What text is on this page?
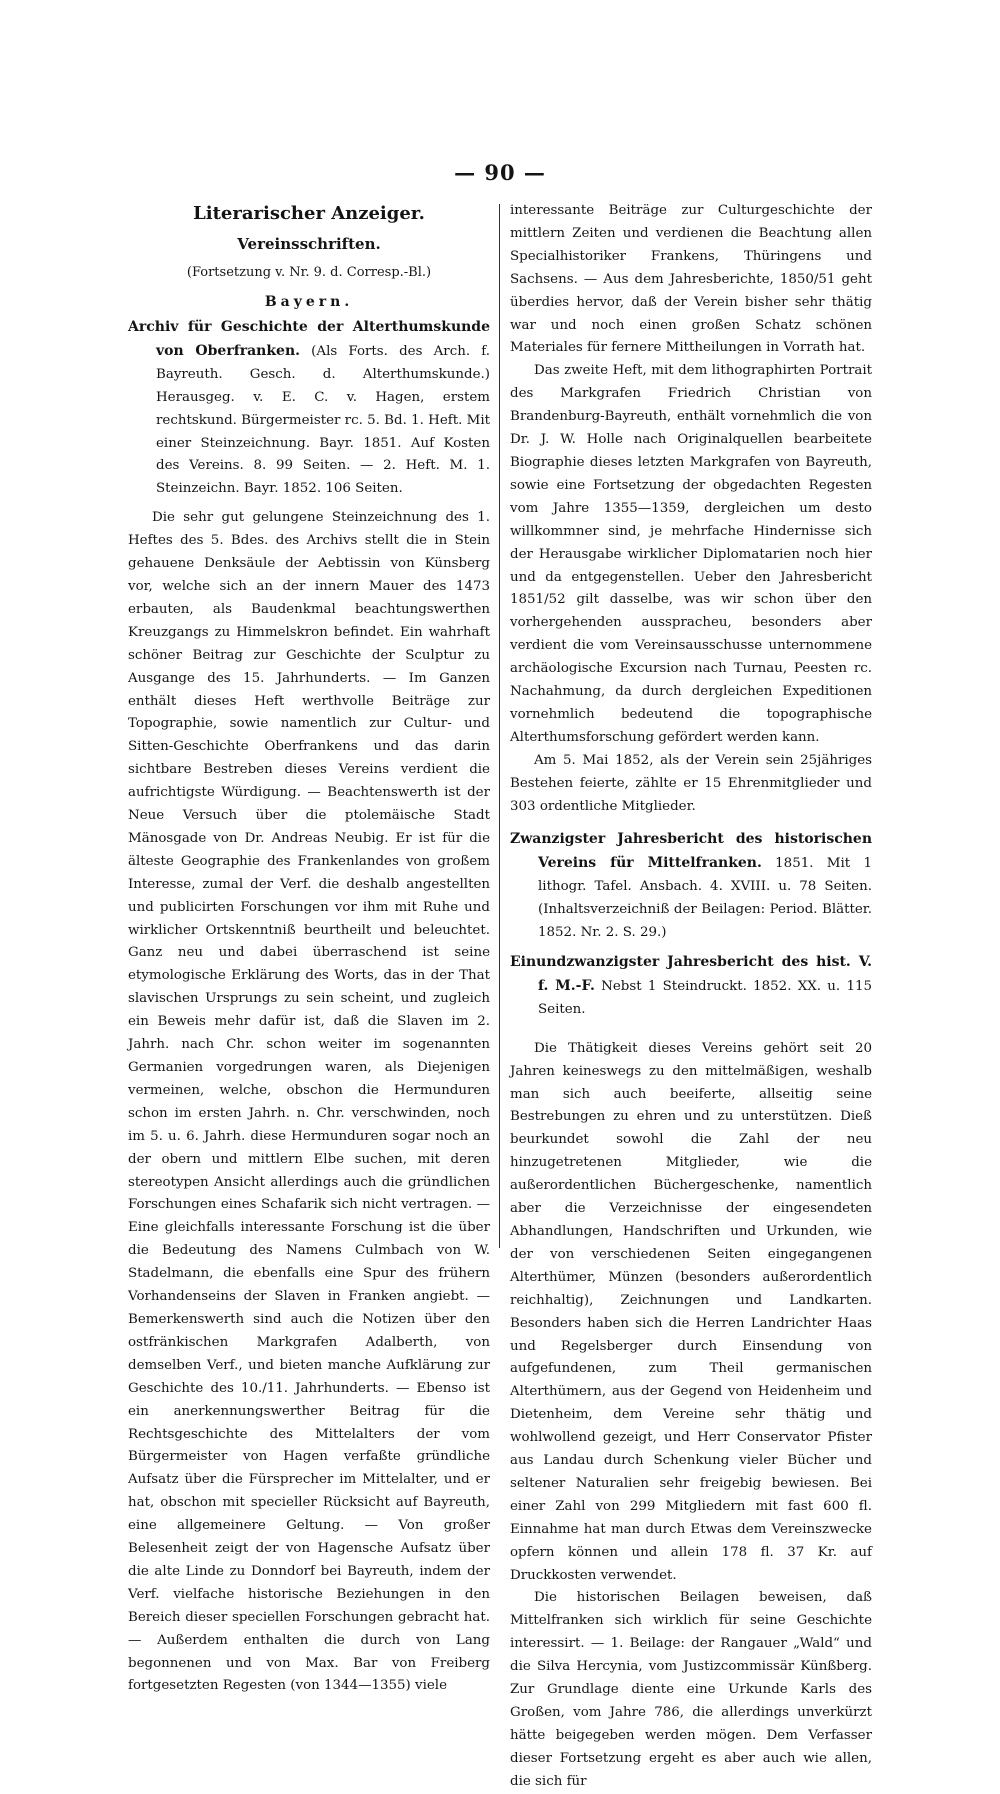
— 90 —
Literarischer Anzeiger.
Vereinsschriften.
(Fortsetzung v. Nr. 9. d. Corresp.-Bl.)
Bayern.

Archiv für Geschichte der Alterthumskunde von Oberfranken. (Als Forts. des Arch. f. Bayreuth. Gesch. d. Alterthumskunde.) Herausgeg. v. E. C. v. Hagen, erstem rechtskund. Bürgermeister rc. 5. Bd. 1. Heft. Mit einer Steinzeichnung. Bayr. 1851. Auf Kosten des Vereins. 8. 99 Seiten. — 2. Heft. M. 1. Steinzeichn. Bayr. 1852. 106 Seiten.

Die sehr gut gelungene Steinzeichnung des 1. Heftes des 5. Bdes. des Archivs stellt die in Stein gehauene Denksäule der Aebtissin von Künsberg vor, welche sich an der innern Mauer des 1473 erbauten, als Baudenkmal beachtungswerthen Kreuzgangs zu Himmelskron befindet. Ein wahrhaft schöner Beitrag zur Geschichte der Sculptur zu Ausgange des 15. Jahrhunderts. — Im Ganzen enthält dieses Heft werthvolle Beiträge zur Topographie, sowie namentlich zur Cultur- und Sitten-Geschichte Oberfrankens und das darin sichtbare Bestreben dieses Vereins verdient die aufrichtigste Würdigung. — Beachtenswerth ist der Neue Versuch über die ptolemäische Stadt Mänosgade von Dr. Andreas Neubig. Er ist für die älteste Geographie des Frankenlandes von großem Interesse, zumal der Verf. die deshalb angestellten und publicirten Forschungen vor ihm mit Ruhe und wirklicher Ortskenntniß beurtheilt und beleuchtet. Ganz neu und dabei überraschend ist seine etymologische Erklärung des Worts, das in der That slavischen Ursprungs zu sein scheint, und zugleich ein Beweis mehr dafür ist, daß die Slaven im 2. Jahrh. nach Chr. schon weiter im sogenannten Germanien vorgedrungen waren, als Diejenigen vermeinen, welche, obschon die Hermunduren schon im ersten Jahrh. n. Chr. verschwinden, noch im 5. u. 6. Jahrh. diese Hermunduren sogar noch an der obern und mittlern Elbe suchen, mit deren stereotypen Ansicht allerdings auch die gründlichen Forschungen eines Schafarik sich nicht vertragen. — Eine gleichfalls interessante Forschung ist die über die Bedeutung des Namens Culmbach von W. Stadelmann, die ebenfalls eine Spur des frühern Vorhandenseins der Slaven in Franken angiebt. — Bemerkenswerth sind auch die Notizen über den ostfränkischen Markgrafen Adalberth, von demselben Verf., und bieten manche Aufklärung zur Geschichte des 10./11. Jahrhunderts. — Ebenso ist ein anerkennungswerther Beitrag für die Rechtsgeschichte des Mittelalters der vom Bürgermeister von Hagen verfaßte gründliche Aufsatz über die Fürsprecher im Mittelalter, und er hat, obschon mit specieller Rücksicht auf Bayreuth, eine allgemeinere Geltung. — Von großer Belesenheit zeigt der von Hagensche Aufsatz über die alte Linde zu Donndorf bei Bayreuth, indem der Verf. vielfache historische Beziehungen in den Bereich dieser speciellen Forschungen gebracht hat. — Außerdem enthalten die durch von Lang begonnenen und von Max. Bar von Freiberg fortgesetzten Regesten (von 1344—1355) viele

interessante Beiträge zur Culturgeschichte der mittlern Zeiten und verdienen die Beachtung allen Specialhistoriker Frankens, Thüringens und Sachsens. — Aus dem Jahresberichte, 1850/51 geht überdies hervor, daß der Verein bisher sehr thätig war und noch einen großen Schatz schönen Materiales für fernere Mittheilungen in Vorrath hat.

Das zweite Heft, mit dem lithographirten Portrait des Markgrafen Friedrich Christian von Brandenburg-Bayreuth, enthält vornehmlich die von Dr. J. W. Holle nach Originalquellen bearbeitete Biographie dieses letzten Markgrafen von Bayreuth, sowie eine Fortsetzung der obgedachten Regesten vom Jahre 1355—1359, dergleichen um desto willkommner sind, je mehrfache Hindernisse sich der Herausgabe wirklicher Diplomatarien noch hier und da entgegenstellen. Ueber den Jahresbericht 1851/52 gilt dasselbe, was wir schon über den vorhergehenden ausspracheu, besonders aber verdient die vom Vereinsausschusse unternommene archäologische Excursion nach Turnau, Peesten rc. Nachahmung, da durch dergleichen Expeditionen vornehmlich bedeutend die topographische Alterthumsforschung gefördert werden kann.

Am 5. Mai 1852, als der Verein sein 25jähriges Bestehen feierte, zählte er 15 Ehrenmitglieder und 303 ordentliche Mitglieder.

Zwanzigster Jahresbericht des historischen Vereins für Mittelfranken. 1851. Mit 1 lithogr. Tafel. Ansbach. 4. XVIII. u. 78 Seiten. (Inhaltsverzeichniß der Beilagen: Period. Blätter. 1852. Nr. 2. S. 29.)

Einundzwanzigster Jahresbericht des hist. V. f. M.-F. Nebst 1 Steindruckt. 1852. XX. u. 115 Seiten.

Die Thätigkeit dieses Vereins gehört seit 20 Jahren keineswegs zu den mittelmäßigen, weshalb man sich auch beeiferte, allseitig seine Bestrebungen zu ehren und zu unterstützen. Dieß beurkundet sowohl die Zahl der neu hinzugetretenen Mitglieder, wie die außerordentlichen Büchergeschenke, namentlich aber die Verzeichnisse der eingesendeten Abhandlungen, Handschriften und Urkunden, wie der von verschiedenen Seiten eingegangenen Alterthümer, Münzen (besonders außerordentlich reichhaltig), Zeichnungen und Landkarten. Besonders haben sich die Herren Landrichter Haas und Regelsberger durch Einsendung von aufgefundenen, zum Theil germanischen Alterthümern, aus der Gegend von Heidenheim und Dietenheim, dem Vereine sehr thätig und wohlwollend gezeigt, und Herr Conservator Pfister aus Landau durch Schenkung vieler Bücher und seltener Naturalien sehr freigebig bewiesen. Bei einer Zahl von 299 Mitgliedern mit fast 600 fl. Einnahme hat man durch Etwas dem Vereinszwecke opfern können und allein 178 fl. 37 Kr. auf Druckkosten verwendet.

Die historischen Beilagen beweisen, daß Mittelfranken sich wirklich für seine Geschichte interessirt. — 1. Beilage: der Rangauer „Wald“ und die Silva Hercynia, vom Justizcommissär Künßberg. Zur Grundlage diente eine Urkunde Karls des Großen, vom Jahre 786, die allerdings unverkürzt hätte beigegeben werden mögen. Dem Verfasser dieser Fortsetzung ergeht es aber auch wie allen, die sich für
